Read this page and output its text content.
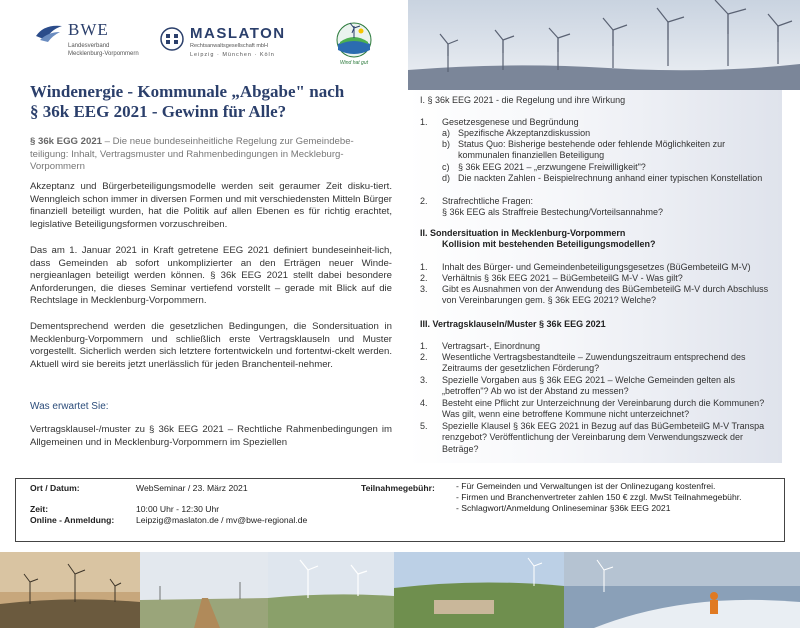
BWE
Landesverband
Mecklenburg-Vorpommern
MASLATON
Rechtsanwaltsgesellschaft mbH
Leipzig · München · Köln
Wind hat gut
Windenergie - Kommunale „Abgabe" nach
§ 36k EEG 2021 - Gewinn für Alle?
§ 36k EGG 2021 – Die neue bundeseinheitliche Regelung zur Gemeindebe-teiligung: Inhalt, Vertragsmuster und Rahmenbedingungen in Meckleburg-Vorpommern
Akzeptanz und Bürgerbeteiligungsmodelle werden seit geraumer Zeit disku-tiert. Wenngleich schon immer in diversen Formen und mit verschiedensten Mitteln Bürger finanziell beteiligt wurden, hat die Politik auf allen Ebenen es für richtig erachtet, legislative Beteiligungsformen vorzuschreiben.
Das am 1. Januar 2021 in Kraft getretene EEG 2021 definiert bundeseinheit-lich, dass Gemeinden ab sofort unkomplizierter an den Erträgen neuer Winde-nergieanlagen beteiligt werden können. § 36k EEG 2021 stellt dabei besondere Anforderungen, die dieses Seminar vertiefend vorstellt – gerade mit Blick auf die Rechtslage in Mecklenburg-Vorpommern.
Dementsprechend werden die gesetzlichen Bedingungen, die Sondersituation in Mecklenburg-Vorpommern und schließlich erste Vertragsklauseln und Muster vorgestellt. Sicherlich werden sich letztere fortentwickeln und fortentwi-ckelt werden. Aktuell wird sie bereits jetzt unerlässlich für jeden Branchenteil-nehmer.
Was erwartet Sie:
Vertragsklausel-/muster zu § 36k EEG 2021 – Rechtliche Rahmenbedingungen im Allgemeinen und in Mecklenburg-Vorpommern im Speziellen
I. § 36k EEG 2021 - die Regelung und ihre Wirkung
1. Gesetzesgenese und Begründung
a) Spezifische Akzeptanzdiskussion
b) Status Quo: Bisherige bestehende oder fehlende Möglichkeiten zur kommunalen finanziellen Beteiligung
c) § 36k EEG 2021 – „erzwungene Freiwilligkeit"?
d) Die nackten Zahlen - Beispielrechnung anhand einer typischen Konstellation
2. Strafrechtliche Fragen:
§ 36k EEG als Straffreie Bestechung/Vorteilsannahme?
II. Sondersituation in Mecklenburg-Vorpommern
Kollision mit bestehenden Beteiligungsmodellen?
1. Inhalt des Bürger- und Gemeindenbeteiligungsgesetzes (BüGembeteilG M-V)
2. Verhältnis § 36k EEG 2021 – BüGembeteilG M-V - Was gilt?
3. Gibt es Ausnahmen von der Anwendung des BüGembeteilG M-V durch Abschluss von Vereinbarungen gem. § 36k EEG 2021? Welche?
III. Vertragsklauseln/Muster § 36k EEG 2021
1. Vertragsart-, Einordnung
2. Wesentliche Vertragsbestandteile – Zuwendungszeitraum entsprechend des Zeitraums der gesetzlichen Förderung?
3. Spezielle Vorgaben aus § 36k EEG 2021 – Welche Gemeinden gelten als „betroffen"? Ab wo ist der Abstand zu messen?
4. Besteht eine Pflicht zur Unterzeichnung der Vereinbarung durch die Kommunen? Was gilt, wenn eine betroffene Kommune nicht unterzeichnet?
5. Spezielle Klausel § 36k EEG 2021 in Bezug auf das BüGembeteilG M-V Transpa renzgebot? Veröffentlichung der Vereinbarung dem Verwendungszweck der Beträge?
Ort / Datum:	WebSeminar / 23. März 2021
Zeit:	10:00 Uhr - 12:30 Uhr
Online - Anmeldung:	Leipzig@maslaton.de / mv@bwe-regional.de
Teilnahmegebühr: - Für Gemeinden und Verwaltungen ist der Onlinezugang kostenfrei.
- Firmen und Branchenvertreter zahlen 150 € zzgl. MwSt Teilnahmegebühr.
- Schlagwort/Anmeldung Onlineseminar §36k EEG 2021
